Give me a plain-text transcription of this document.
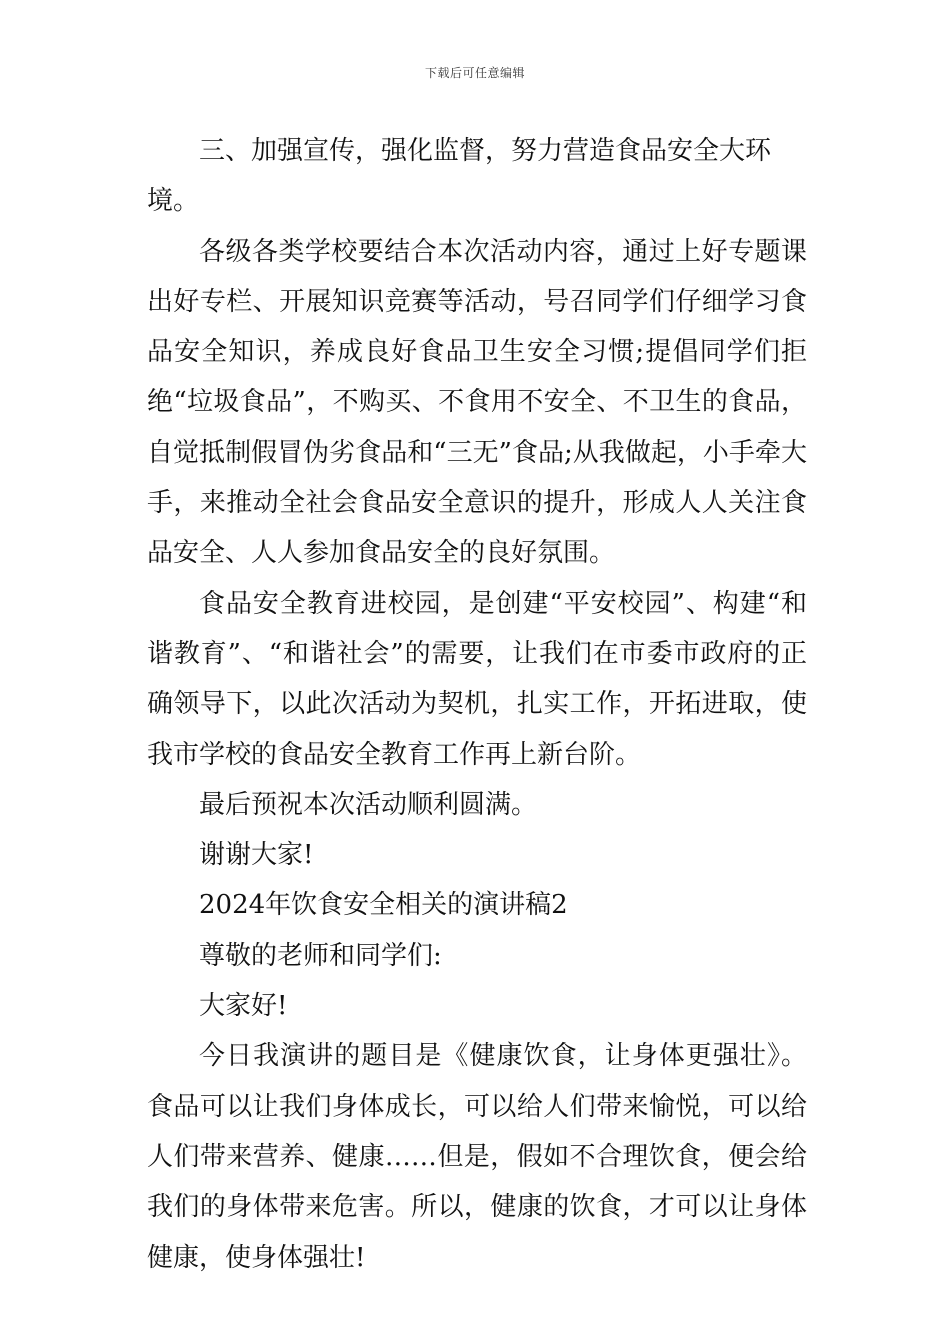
下载后可任意编辑

三、加强宣传，强化监督，努力营造食品安全大环境。

各级各类学校要结合本次活动内容，通过上好专题课出好专栏、开展知识竞赛等活动，号召同学们仔细学习食品安全知识，养成良好食品卫生安全习惯;提倡同学们拒绝“垃圾食品”，不购买、不食用不安全、不卫生的食品，自觉抵制假冒伪劣食品和“三无”食品;从我做起，小手牵大手，来推动全社会食品安全意识的提升，形成人人关注食品安全、人人参加食品安全的良好氛围。

食品安全教育进校园，是创建“平安校园”、构建“和谐教育”、“和谐社会”的需要，让我们在市委市政府的正确领导下，以此次活动为契机，扎实工作，开拓进取，使我市学校的食品安全教育工作再上新台阶。

最后预祝本次活动顺利圆满。

谢谢大家!

2024年饮食安全相关的演讲稿2

尊敬的老师和同学们:

大家好!

今日我演讲的题目是《健康饮食，让身体更强壮》。食品可以让我们身体成长，可以给人们带来愉悦，可以给人们带来营养、健康……但是，假如不合理饮食，便会给我们的身体带来危害。所以，健康的饮食，才可以让身体健康，使身体强壮!
